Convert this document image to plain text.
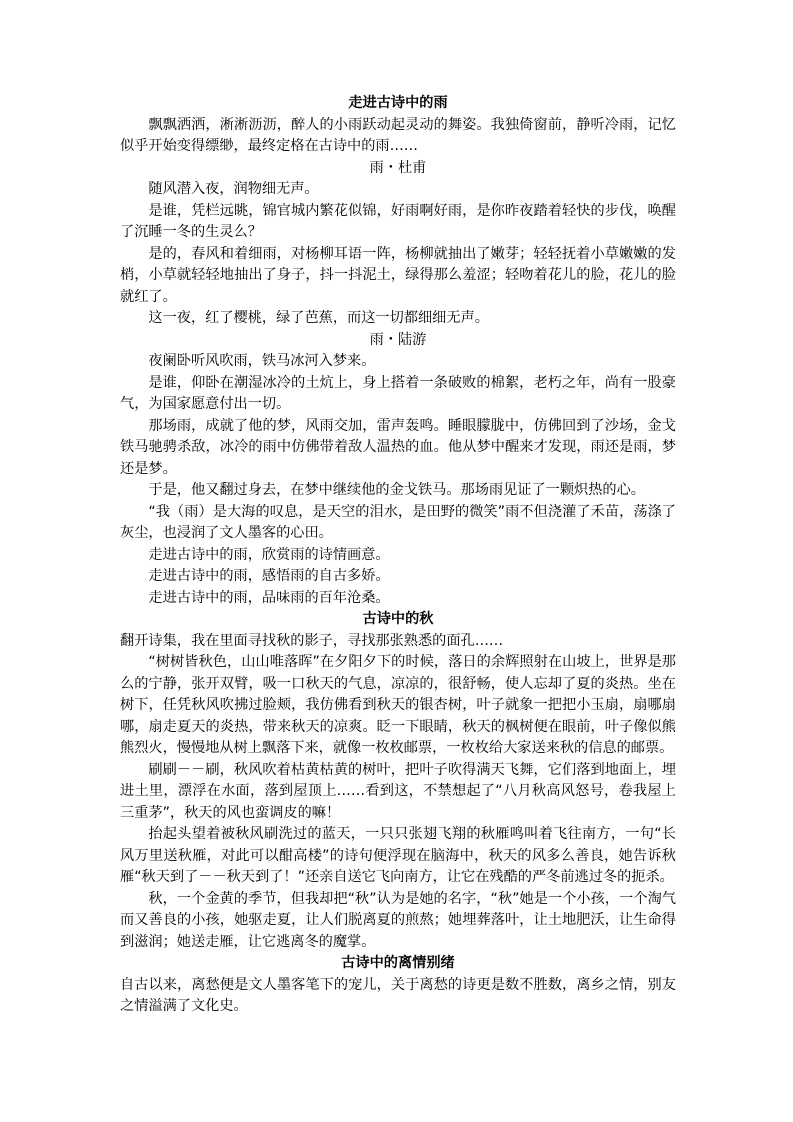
走进古诗中的雨

飘飘洒洒，淅淅沥沥，醉人的小雨跃动起灵动的舞姿。我独倚窗前，静听冷雨，记忆似乎开始变得缥缈，最终定格在古诗中的雨……

雨・杜甫

随风潜入夜，润物细无声。

是谁，凭栏远眺，锦官城内繁花似锦，好雨啊好雨，是你昨夜踏着轻快的步伐，唤醒了沉睡一冬的生灵么？

是的，春风和着细雨，对杨柳耳语一阵，杨柳就抽出了嫩芽；轻轻抚着小草嫩嫩的发梢，小草就轻轻地抽出了身子，抖一抖泥土，绿得那么羞涩；轻吻着花儿的脸，花儿的脸就红了。

这一夜，红了樱桃，绿了芭蕉，而这一切都细细无声。

雨・陆游

夜阑卧听风吹雨，铁马冰河入梦来。

是谁，仰卧在潮湿冰冷的土炕上，身上搭着一条破败的棉絮，老朽之年，尚有一股豪气，为国家愿意付出一切。

那场雨，成就了他的梦，风雨交加，雷声轰鸣。睡眼朦胧中，仿佛回到了沙场，金戈铁马驰骋杀敌，冰冷的雨中仿佛带着敌人温热的血。他从梦中醒来才发现，雨还是雨，梦还是梦。

于是，他又翻过身去，在梦中继续他的金戈铁马。那场雨见证了一颗炽热的心。

“我（雨）是大海的叹息，是天空的泪水，是田野的微笑”雨不但浇灌了禾苗，荡涤了灰尘，也浸润了文人墨客的心田。

走进古诗中的雨，欣赏雨的诗情画意。

走进古诗中的雨，感悟雨的自古多娇。

走进古诗中的雨，品味雨的百年沧桑。

古诗中的秋

翻开诗集，我在里面寻找秋的影子，寻找那张熟悉的面孔……

“树树皆秋色，山山唯落晖”在夕阳夕下的时候，落日的余辉照射在山坡上，世界是那么的宁静，张开双臂，吸一口秋天的气息，凉凉的，很舒畅，使人忘却了夏的炎热。坐在树下，任凭秋风吹拂过脸颊，我仿佛看到秋天的银杏树，叶子就象一把把小玉扇，扇哪扇哪，扇走夏天的炎热，带来秋天的凉爽。眨一下眼睛，秋天的枫树便在眼前，叶子像似熊熊烈火，慢慢地从树上飘落下来，就像一枚枚邮票，一枚枚给大家送来秋的信息的邮票。

刷刷－－刷，秋风吹着枯黄枯黄的树叶，把叶子吹得满天飞舞，它们落到地面上，埋进土里，漂浮在水面，落到屋顶上……看到这，不禁想起了“八月秋高风怒号，卷我屋上三重茅”，秋天的风也蛮调皮的嘛！

抬起头望着被秋风刷洗过的蓝天，一只只张翅飞翔的秋雁鸣叫着飞往南方，一句“长风万里送秋雁，对此可以酣高楼”的诗句便浮现在脑海中，秋天的风多么善良，她告诉秋雁“秋天到了－－秋天到了！”还亲自送它飞向南方，让它在残酷的严冬前逃过冬的扼杀。

秋，一个金黄的季节，但我却把“秋”认为是她的名字，“秋”她是一个小孩，一个淘气而又善良的小孩，她驱走夏，让人们脱离夏的煎熬；她埋葬落叶，让土地肥沃，让生命得到滋润；她送走雁，让它逃离冬的魔掌。

古诗中的离情别绪

自古以来，离愁便是文人墨客笔下的宠儿，关于离愁的诗更是数不胜数，离乡之情，别友之情溢满了文化史。
